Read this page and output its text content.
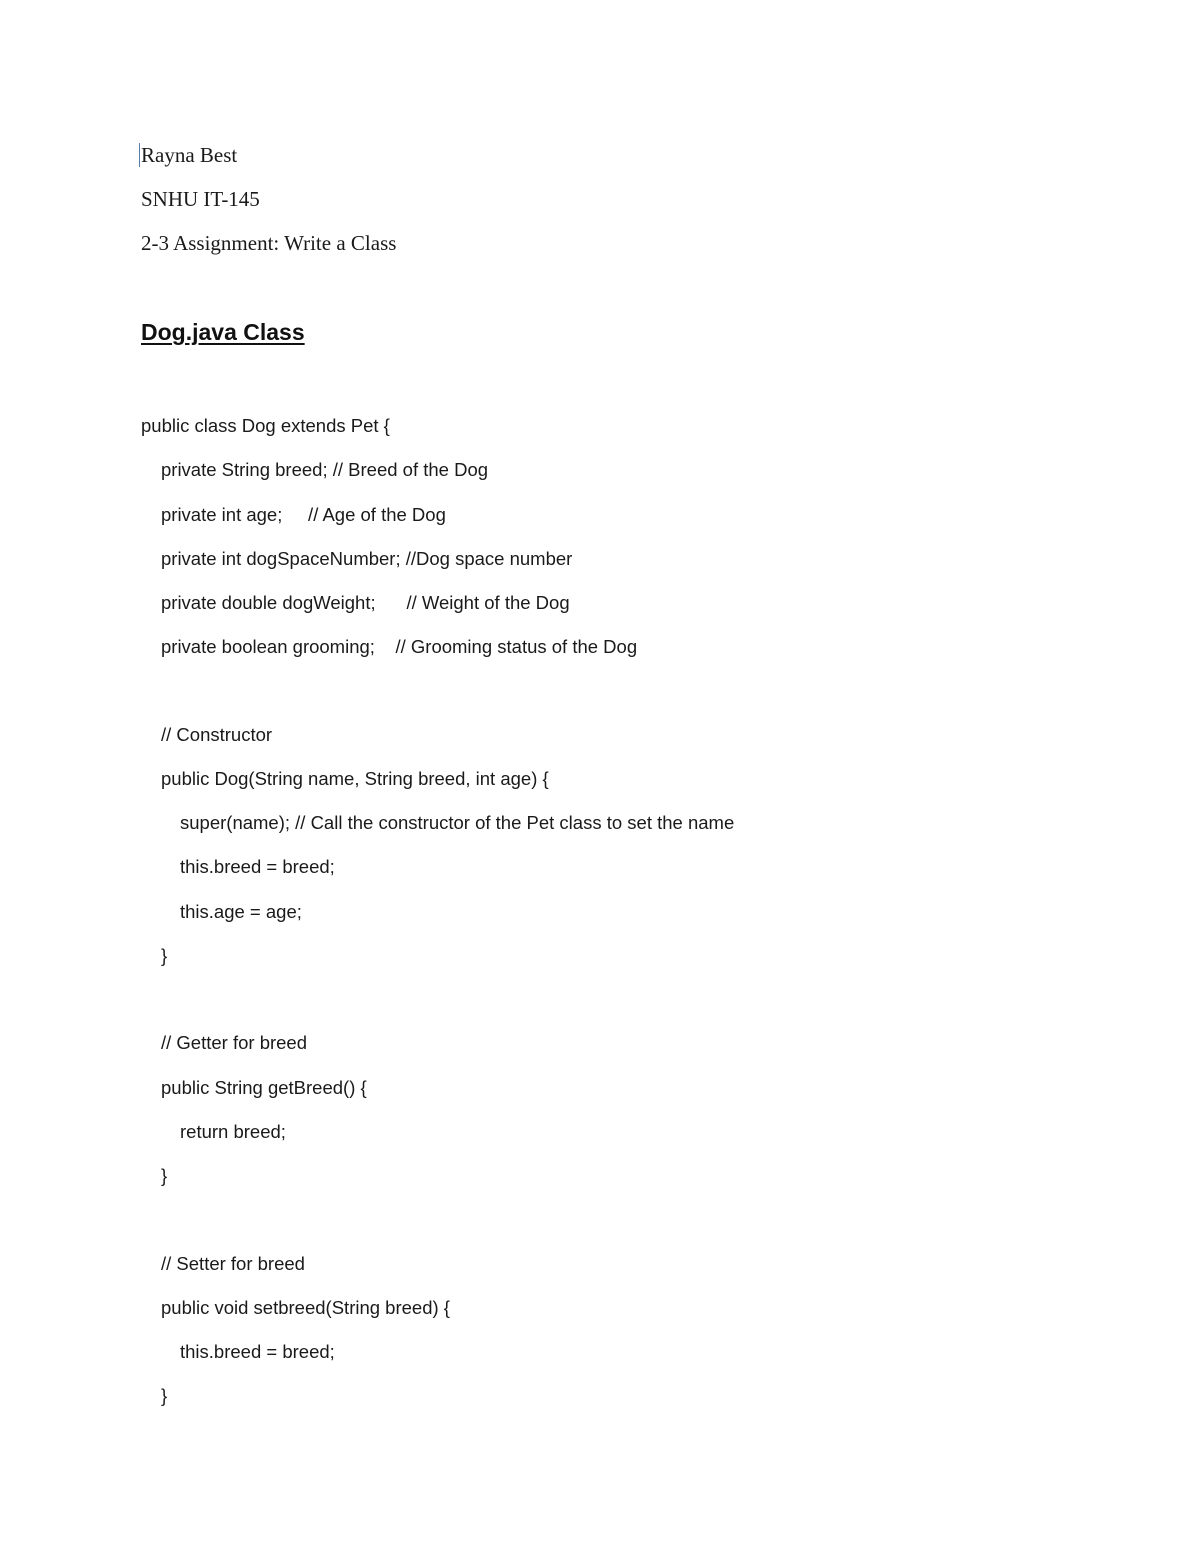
Rayna Best
SNHU IT-145
2-3 Assignment: Write a Class
Dog.java Class
public class Dog extends Pet {
private String breed; // Breed of the Dog
private int age;     // Age of the Dog
private int dogSpaceNumber; //Dog space number
private double dogWeight;      // Weight of the Dog
private boolean grooming;    // Grooming status of the Dog
// Constructor
public Dog(String name, String breed, int age) {
super(name); // Call the constructor of the Pet class to set the name
this.breed = breed;
this.age = age;
}
// Getter for breed
public String getBreed() {
return breed;
}
// Setter for breed
public void setbreed(String breed) {
this.breed = breed;
}
